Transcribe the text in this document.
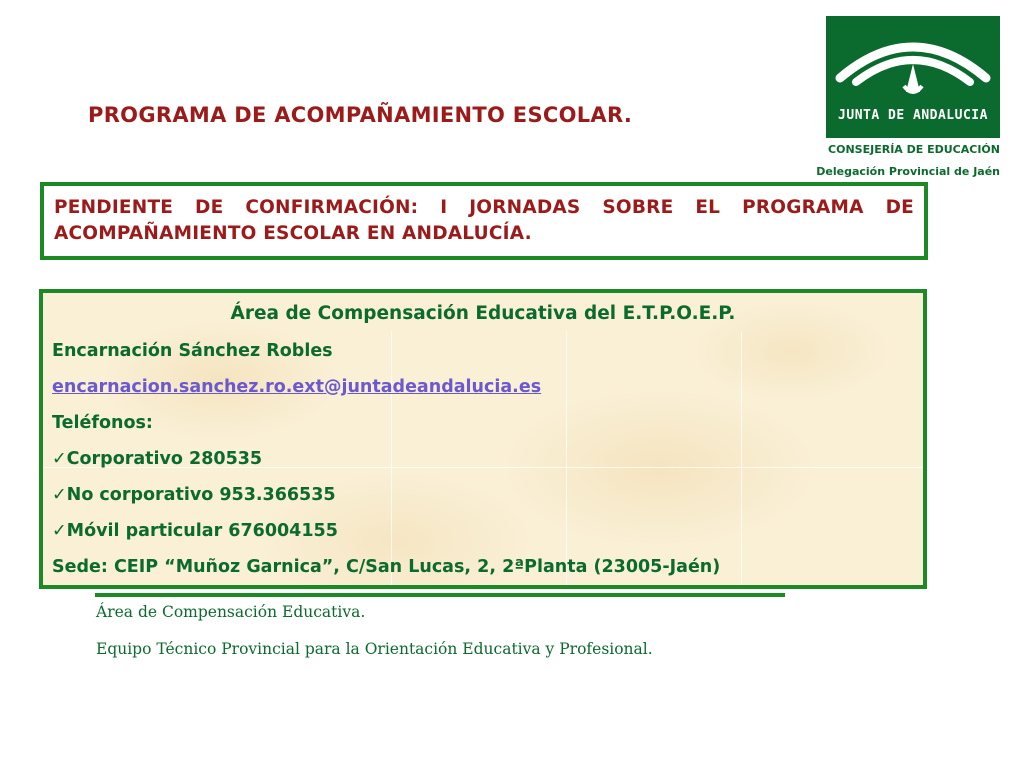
PROGRAMA DE ACOMPAÑAMIENTO ESCOLAR.	JUNTA DE ANDALUCIA
CONSEJERÍA DE EDUCACIÓN
Delegación Provincial de Jaén
PENDIENTE DE CONFIRMACIÓN: I JORNADAS SOBRE EL PROGRAMA DE ACOMPAÑAMIENTO ESCOLAR EN ANDALUCÍA.
Área de Compensación Educativa del E.T.P.O.E.P.
Encarnación Sánchez Robles
encarnacion.sanchez.ro.ext@juntadeandalucia.es
Teléfonos:
✓Corporativo 280535
✓No corporativo 953.366535
✓Móvil particular 676004155
Sede: CEIP “Muñoz Garnica”, C/San Lucas, 2, 2ªPlanta (23005-Jaén)
Área de Compensación Educativa.
Equipo Técnico Provincial para la Orientación Educativa y Profesional.
